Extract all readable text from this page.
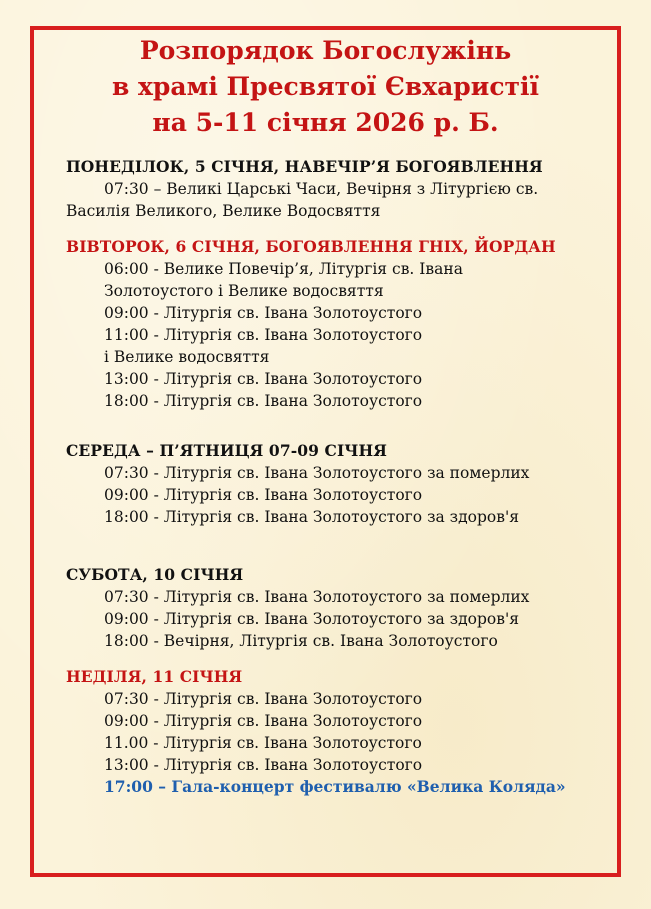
Розпорядок Богослужінь
в храмі Пресвятої Євхаристії
на 5-11 січня 2026 р. Б.
ПОНЕДІЛОК, 5 СІЧНЯ, НАВЕЧІР’Я БОГОЯВЛЕННЯ
07:30 – Великі Царські Часи, Вечірня з Літургією св.
Василія Великого, Велике Водосвяття
ВІВТОРОК, 6 СІЧНЯ, БОГОЯВЛЕННЯ ГНІХ, ЙОРДАН
06:00 - Велике Повечір’я, Літургія св. Івана
Золотоустого і Велике водосвяття
09:00 - Літургія св. Івана Золотоустого
11:00 - Літургія св. Івана Золотоустого
і Велике водосвяття
13:00 - Літургія св. Івана Золотоустого
18:00 - Літургія св. Івана Золотоустого
СЕРЕДА – П’ЯТНИЦЯ 07-09 СІЧНЯ
07:30 - Літургія св. Івана Золотоустого за померлих
09:00 - Літургія св. Івана Золотоустого
18:00 - Літургія св. Івана Золотоустого за здоров'я
СУБОТА, 10 СІЧНЯ
07:30 - Літургія св. Івана Золотоустого за померлих
09:00 - Літургія св. Івана Золотоустого за здоров'я
18:00 - Вечірня, Літургія св. Івана Золотоустого
НЕДІЛЯ, 11 СІЧНЯ
07:30 - Літургія св. Івана Золотоустого
09:00 - Літургія св. Івана Золотоустого
11.00 - Літургія св. Івана Золотоустого
13:00 - Літургія св. Івана Золотоустого
17:00 – Гала-концерт фестивалю «Велика Коляда»
